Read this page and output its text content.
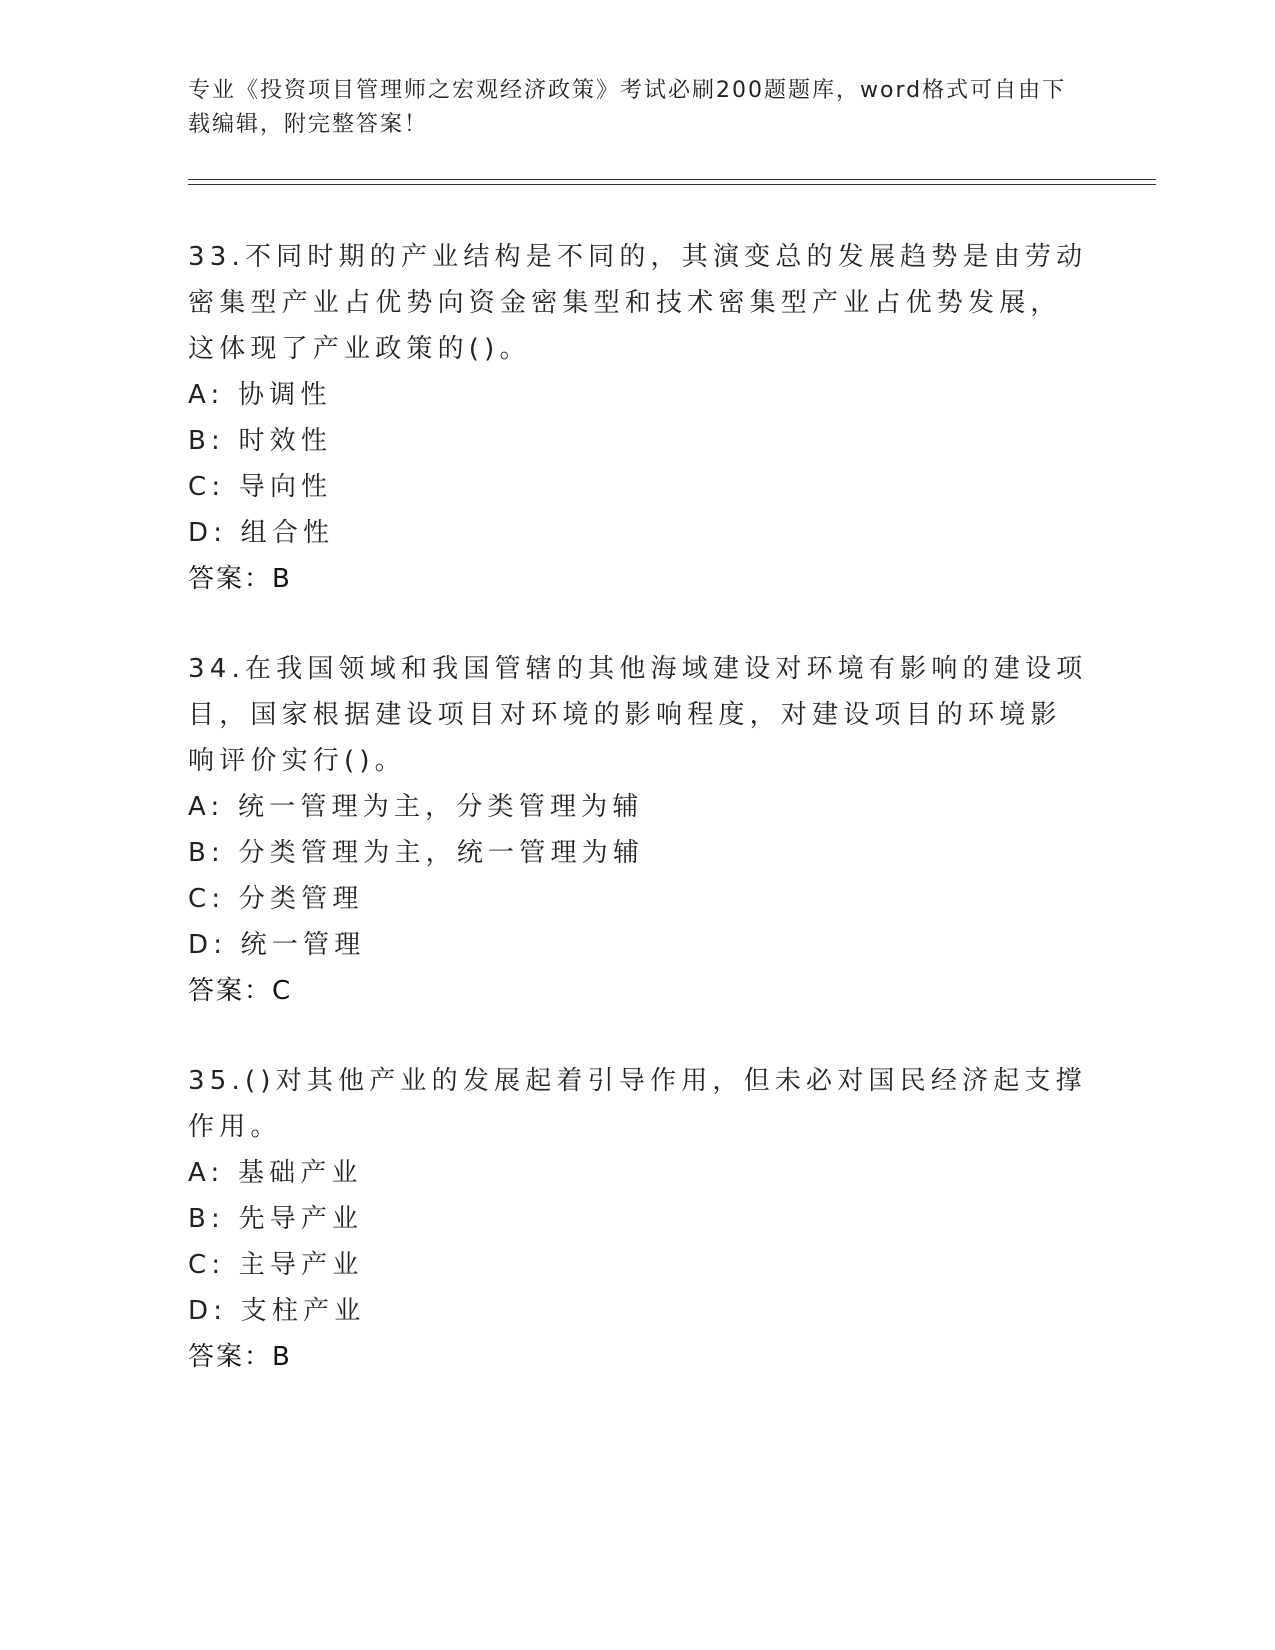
专业《投资项目管理师之宏观经济政策》考试必刷200题题库，word格式可自由下载编辑，附完整答案！

33.不同时期的产业结构是不同的，其演变总的发展趋势是由劳动密集型产业占优势向资金密集型和技术密集型产业占优势发展，这体现了产业政策的()。

A: 协调性

B: 时效性

C: 导向性

D: 组合性

答案：B

34.在我国领域和我国管辖的其他海域建设对环境有影响的建设项目，国家根据建设项目对环境的影响程度，对建设项目的环境影响评价实行()。

A: 统一管理为主，分类管理为辅

B: 分类管理为主，统一管理为辅

C: 分类管理

D: 统一管理

答案：C

35.()对其他产业的发展起着引导作用，但未必对国民经济起支撑作用。

A: 基础产业

B: 先导产业

C: 主导产业

D: 支柱产业

答案：B
